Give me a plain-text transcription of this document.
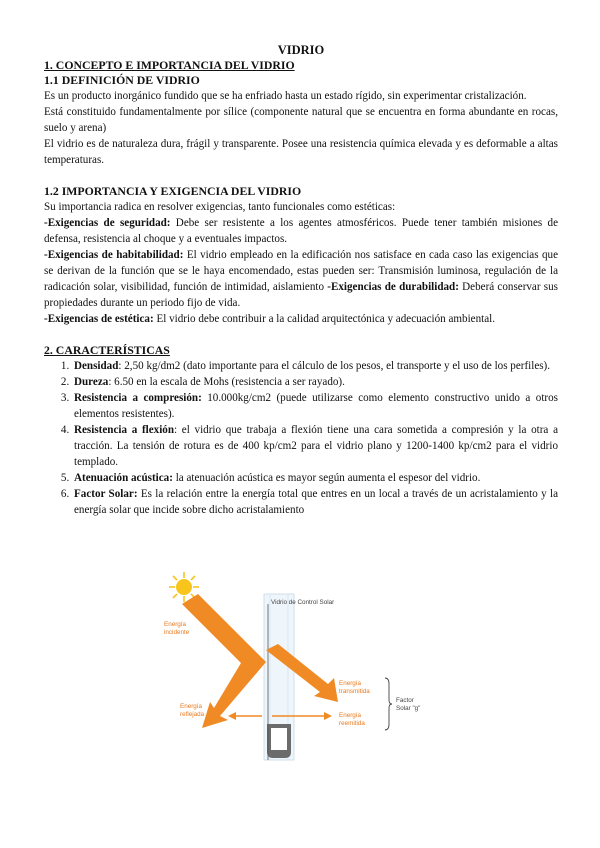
VIDRIO
1. CONCEPTO E IMPORTANCIA DEL VIDRIO
1.1 DEFINICIÓN DE VIDRIO

Es un producto inorgánico fundido que se ha enfriado hasta un estado rígido, sin experimentar cristalización.

Está constituido fundamentalmente por sílice (componente natural que se encuentra en forma abundante en rocas, suelo y arena)

El vidrio es de naturaleza dura, frágil y transparente. Posee una resistencia química elevada y es deformable a altas temperaturas.

1.2 IMPORTANCIA Y EXIGENCIA DEL VIDRIO

Su importancia radica en resolver exigencias, tanto funcionales como estéticas:

-Exigencias de seguridad: Debe ser resistente a los agentes atmosféricos. Puede tener también misiones de defensa, resistencia al choque y a eventuales impactos.

-Exigencias de habitabilidad: El vidrio empleado en la edificación nos satisface en cada caso las exigencias que se derivan de la función que se le haya encomendado, estas pueden ser: Transmisión luminosa, regulación de la radicación solar, visibilidad, función de intimidad, aislamiento -Exigencias de durabilidad: Deberá conservar sus propiedades durante un periodo fijo de vida.

-Exigencias de estética: El vidrio debe contribuir a la calidad arquitectónica y adecuación ambiental.

2. CARACTERÍSTICAS
1. Densidad: 2,50 kg/dm2 (dato importante para el cálculo de los pesos, el transporte y el uso de los perfiles).
2. Dureza: 6.50 en la escala de Mohs (resistencia a ser rayado).
3. Resistencia a compresión: 10.000kg/cm2 (puede utilizarse como elemento constructivo unido a otros elementos resistentes).
4. Resistencia a flexión: el vidrio que trabaja a flexión tiene una cara sometida a compresión y la otra a tracción. La tensión de rotura es de 400 kp/cm2 para el vidrio plano y 1200-1400 kp/cm2 para el vidrio templado.
5. Atenuación acústica: la atenuación acústica es mayor según aumenta el espesor del vidrio.
6. Factor Solar: Es la relación entre la energía total que entres en un local a través de un acristalamiento y la energía solar que incide sobre dicho acristalamiento
Vidrio de Control Solar
Energía
incidente
Energía
reflejada
Energía
transmitida
Energía
reemitida
Factor
Solar "g"
